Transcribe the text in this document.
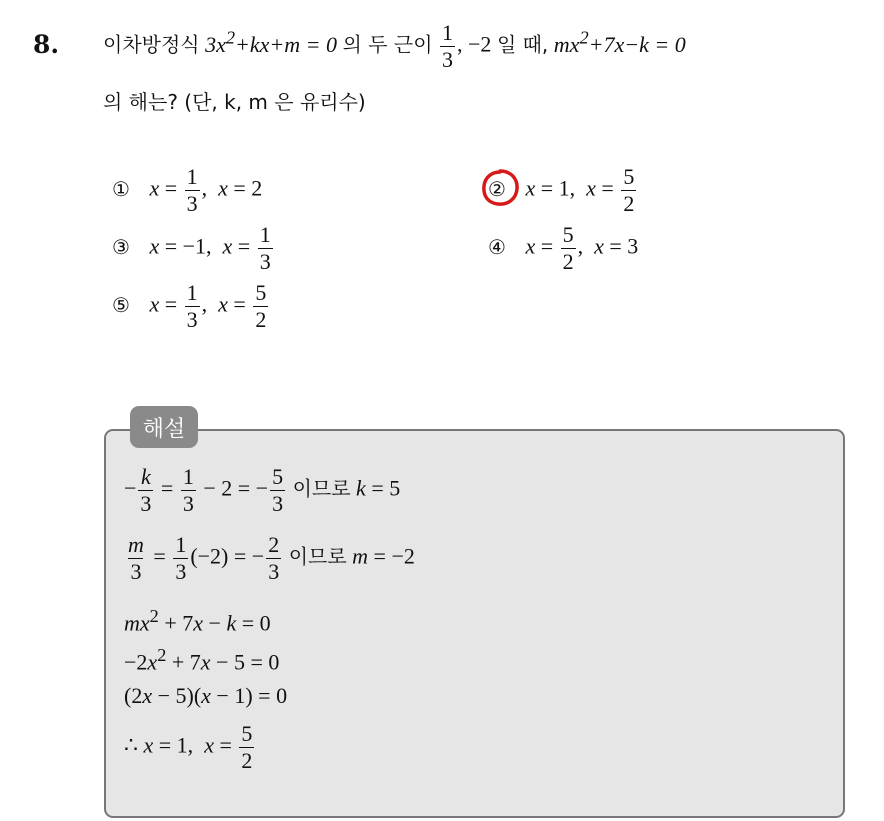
8. 이차방정식 $3x^2+kx+m = 0$ 의 두 근이 $\frac{1}{3}$ , −2 일 때, $mx^2+7x-k = 0$
의 해는? (단, k, m 은 유리수)
① $x = \frac{1}{3}$ ,  x = 2	② x = 1,  $x = \frac{5}{2}$
③ x = −1,  $x = \frac{1}{3}$	④ $x = \frac{5}{2}$ ,  x = 3
⑤ $x = \frac{1}{3}$ ,  $x = \frac{5}{2}$
해설
− $\frac{k}{3} = \frac{1}{3} - 2$ = − $\frac{5}{3}$ 이므로 k = 5
$\frac{m}{3} = \frac{1}{3} (-2)$ = − $\frac{2}{3}$ 이므로 m = −2
$mx^2 + 7x - k = 0$
$-2x^2 + 7x - 5 = 0$
(2x − 5)(x − 1) = 0
∴ x = 1,  $x = \frac{5}{2}$
